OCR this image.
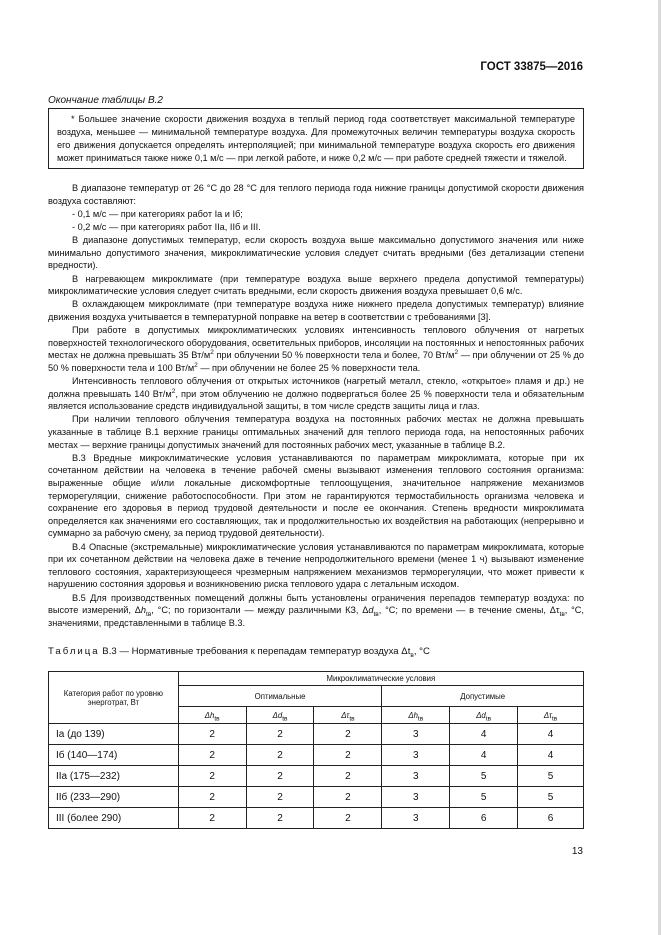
ГОСТ 33875—2016
Окончание таблицы В.2
* Большее значение скорости движения воздуха в теплый период года соответствует максимальной температуре воздуха, меньшее — минимальной температуре воздуха. Для промежуточных величин температуры воздуха скорость его движения допускается определять интерполяцией; при минимальной температуре воздуха скорость его движения может приниматься также ниже 0,1 м/с — при легкой работе, и ниже 0,2 м/с — при работе средней тяжести и тяжелой.

В диапазоне температур от 26 °С до 28 °С для теплого периода года нижние границы допустимой скорости движения воздуха составляют:

- 0,1 м/с — при категориях работ Iа и Iб;

- 0,2 м/с — при категориях работ IIа, IIб и III.

В диапазоне допустимых температур, если скорость воздуха выше максимально допустимого значения или ниже минимально допустимого значения, микроклиматические условия следует считать вредными (без детализации степени вредности).

В нагревающем микроклимате (при температуре воздуха выше верхнего предела допустимой температуры) микроклиматические условия следует считать вредными, если скорость движения воздуха превышает 0,6 м/с.

В охлаждающем микроклимате (при температуре воздуха ниже нижнего предела допустимых температур) влияние движения воздуха учитывается в температурной поправке на ветер в соответствии с требованиями [3].

При работе в допустимых микроклиматических условиях интенсивность теплового облучения от нагретых поверхностей технологического оборудования, осветительных приборов, инсоляции на постоянных и непостоянных рабочих местах не должна превышать 35 $Вт/м^2$ при облучении 50 % поверхности тела и более, 70 $Вт/м^2$ — при облучении от 25 % до 50 % поверхности тела и 100 $Вт/м^2$ — при облучении не более 25 % поверхности тела.

Интенсивность теплового облучения от открытых источников (нагретый металл, стекло, «открытое» пламя и др.) не должна превышать 140 $Вт/м^2$, при этом облучению не должно подвергаться более 25 % поверхности тела и обязательным является использование средств индивидуальной защиты, в том числе средств защиты лица и глаз.

При наличии теплового облучения температура воздуха на постоянных рабочих местах не должна превышать указанные в таблице В.1 верхние границы оптимальных значений для теплого периода года, на непостоянных рабочих местах — верхние границы допустимых значений для постоянных рабочих мест, указанные в таблице В.2.

В.3 Вредные микроклиматические условия устанавливаются по параметрам микроклимата, которые при их сочетанном действии на человека в течение рабочей смены вызывают изменения теплового состояния организма: выраженные общие и/или локальные дискомфортные теплоощущения, значительное напряжение механизмов терморегуляции, снижение работоспособности. При этом не гарантируются термостабильность организма человека и сохранение его здоровья в период трудовой деятельности и после ее окончания. Степень вредности микроклимата определяется как значениями его составляющих, так и продолжительностью их воздействия на работающих (непрерывно и суммарно за рабочую смену, за период трудовой деятельности).

В.4 Опасные (экстремальные) микроклиматические условия устанавливаются по параметрам микроклимата, которые при их сочетанном действии на человека даже в течение непродолжительного времени (менее 1 ч) вызывают изменение теплового состояния, характеризующееся чрезмерным напряжением механизмов терморегуляции, что может привести к нарушению состояния здоровья и возникновению риска теплового удара с летальным исходом.

В.5 Для производственных помещений должны быть установлены ограничения перепадов температур воздуха: по высоте измерений, $\Delta h_{tв}$, °С; по горизонтали — между различными КЗ, $\Delta d_{tв}$, °С; по времени — в течение смены, $\Delta\tau_{tв}$, °С, значениями, представленными в таблице В.3.

Таблица В.3 — Нормативные требования к перепадам температур воздуха $\Delta t_в$, °С
Категория работ по уровню энерготрат, Вт	Микроклиматические условия					
	Оптимальные			Допустимые		
	$\Delta h_{tв}$	$\Delta d_{tв}$	$\Delta\tau_{tв}$	$\Delta h_{tв}$	$\Delta d_{tв}$	$\Delta\tau_{tв}$
Iа (до 139)	2	2	2	3	4	4
Iб (140—174)	2	2	2	3	4	4
IIа (175—232)	2	2	2	3	5	5
IIб (233—290)	2	2	2	3	5	5
III (более 290)	2	2	2	3	6	6
13
